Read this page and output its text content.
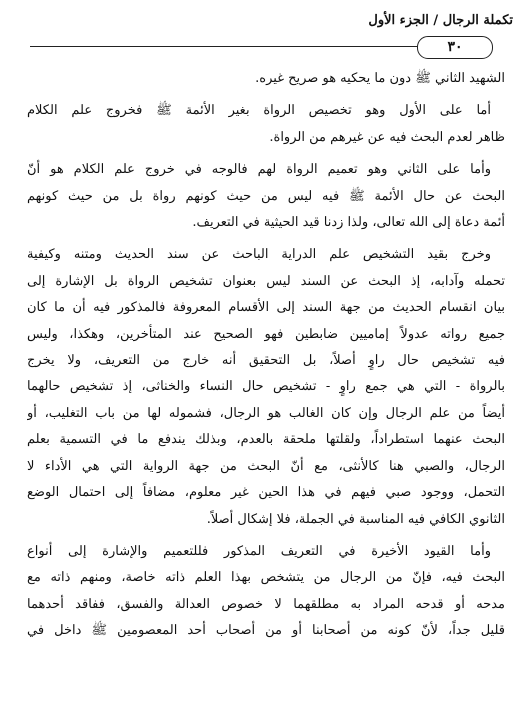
تكملة الرجال / الجزء الأول
٣٠
الشهيد الثاني ﷺ دون ما يحكيه هو صريح غيره.
أما على الأول وهو تخصيص الرواة بغير الأئمة ﷺ فخروج علم الكلام
ظاهر لعدم البحث فيه عن غيرهم من الرواة.
وأما على الثاني وهو تعميم الرواة لهم فالوجه في خروج علم الكلام هو أنّ
البحث عن حال الأئمة ﷺ فيه ليس من حيث كونهم رواة بل من حيث كونهم
أئمة دعاة إلى الله تعالى، ولذا زدنا قيد الحيثية في التعريف.
وخرج بقيد التشخيص علم الدراية الباحث عن سند الحديث ومتنه وكيفية
تحمله وآدابه، إذ البحث عن السند ليس بعنوان تشخيص الرواة بل الإشارة إلى
بيان انقسام الحديث من جهة السند إلى الأقسام المعروفة فالمذكور فيه أن ما كان
جميع رواته عدولاً إماميين ضابطين فهو الصحيح عند المتأخرين، وهكذا، وليس
فيه تشخيص حال راوٍ أصلاً، بل التحقيق أنه خارج من التعريف، ولا يخرج
بالرواة - التي هي جمع راوٍ - تشخيص حال النساء والخناثى، إذ تشخيص حالهما
أيضاً من علم الرجال وإن كان الغالب هو الرجال، فشموله لها من باب التغليب، أو
البحث عنهما استطراداً، ولقلتها ملحقة بالعدم، وبذلك يندفع ما في التسمية بعلم
الرجال، والصبي هنا كالأنثى، مع أنّ البحث من جهة الرواية التي هي الأداء لا
التحمل، ووجود صبي فيهم في هذا الحين غير معلوم، مضافاً إلى احتمال الوضع
الثانوي الكافي فيه المناسبة في الجملة، فلا إشكال أصلاً.
وأما القيود الأخيرة في التعريف المذكور فللتعميم والإشارة إلى أنواع
البحث فيه، فإنّ من الرجال من يتشخص بهذا العلم ذاته خاصة، ومنهم ذاته مع
مدحه أو قدحه المراد به مطلقهما لا خصوص العدالة والفسق، ففاقد أحدهما
قليل جداً، لأنّ كونه من أصحابنا أو من أصحاب أحد المعصومين ﷺ داخل في
